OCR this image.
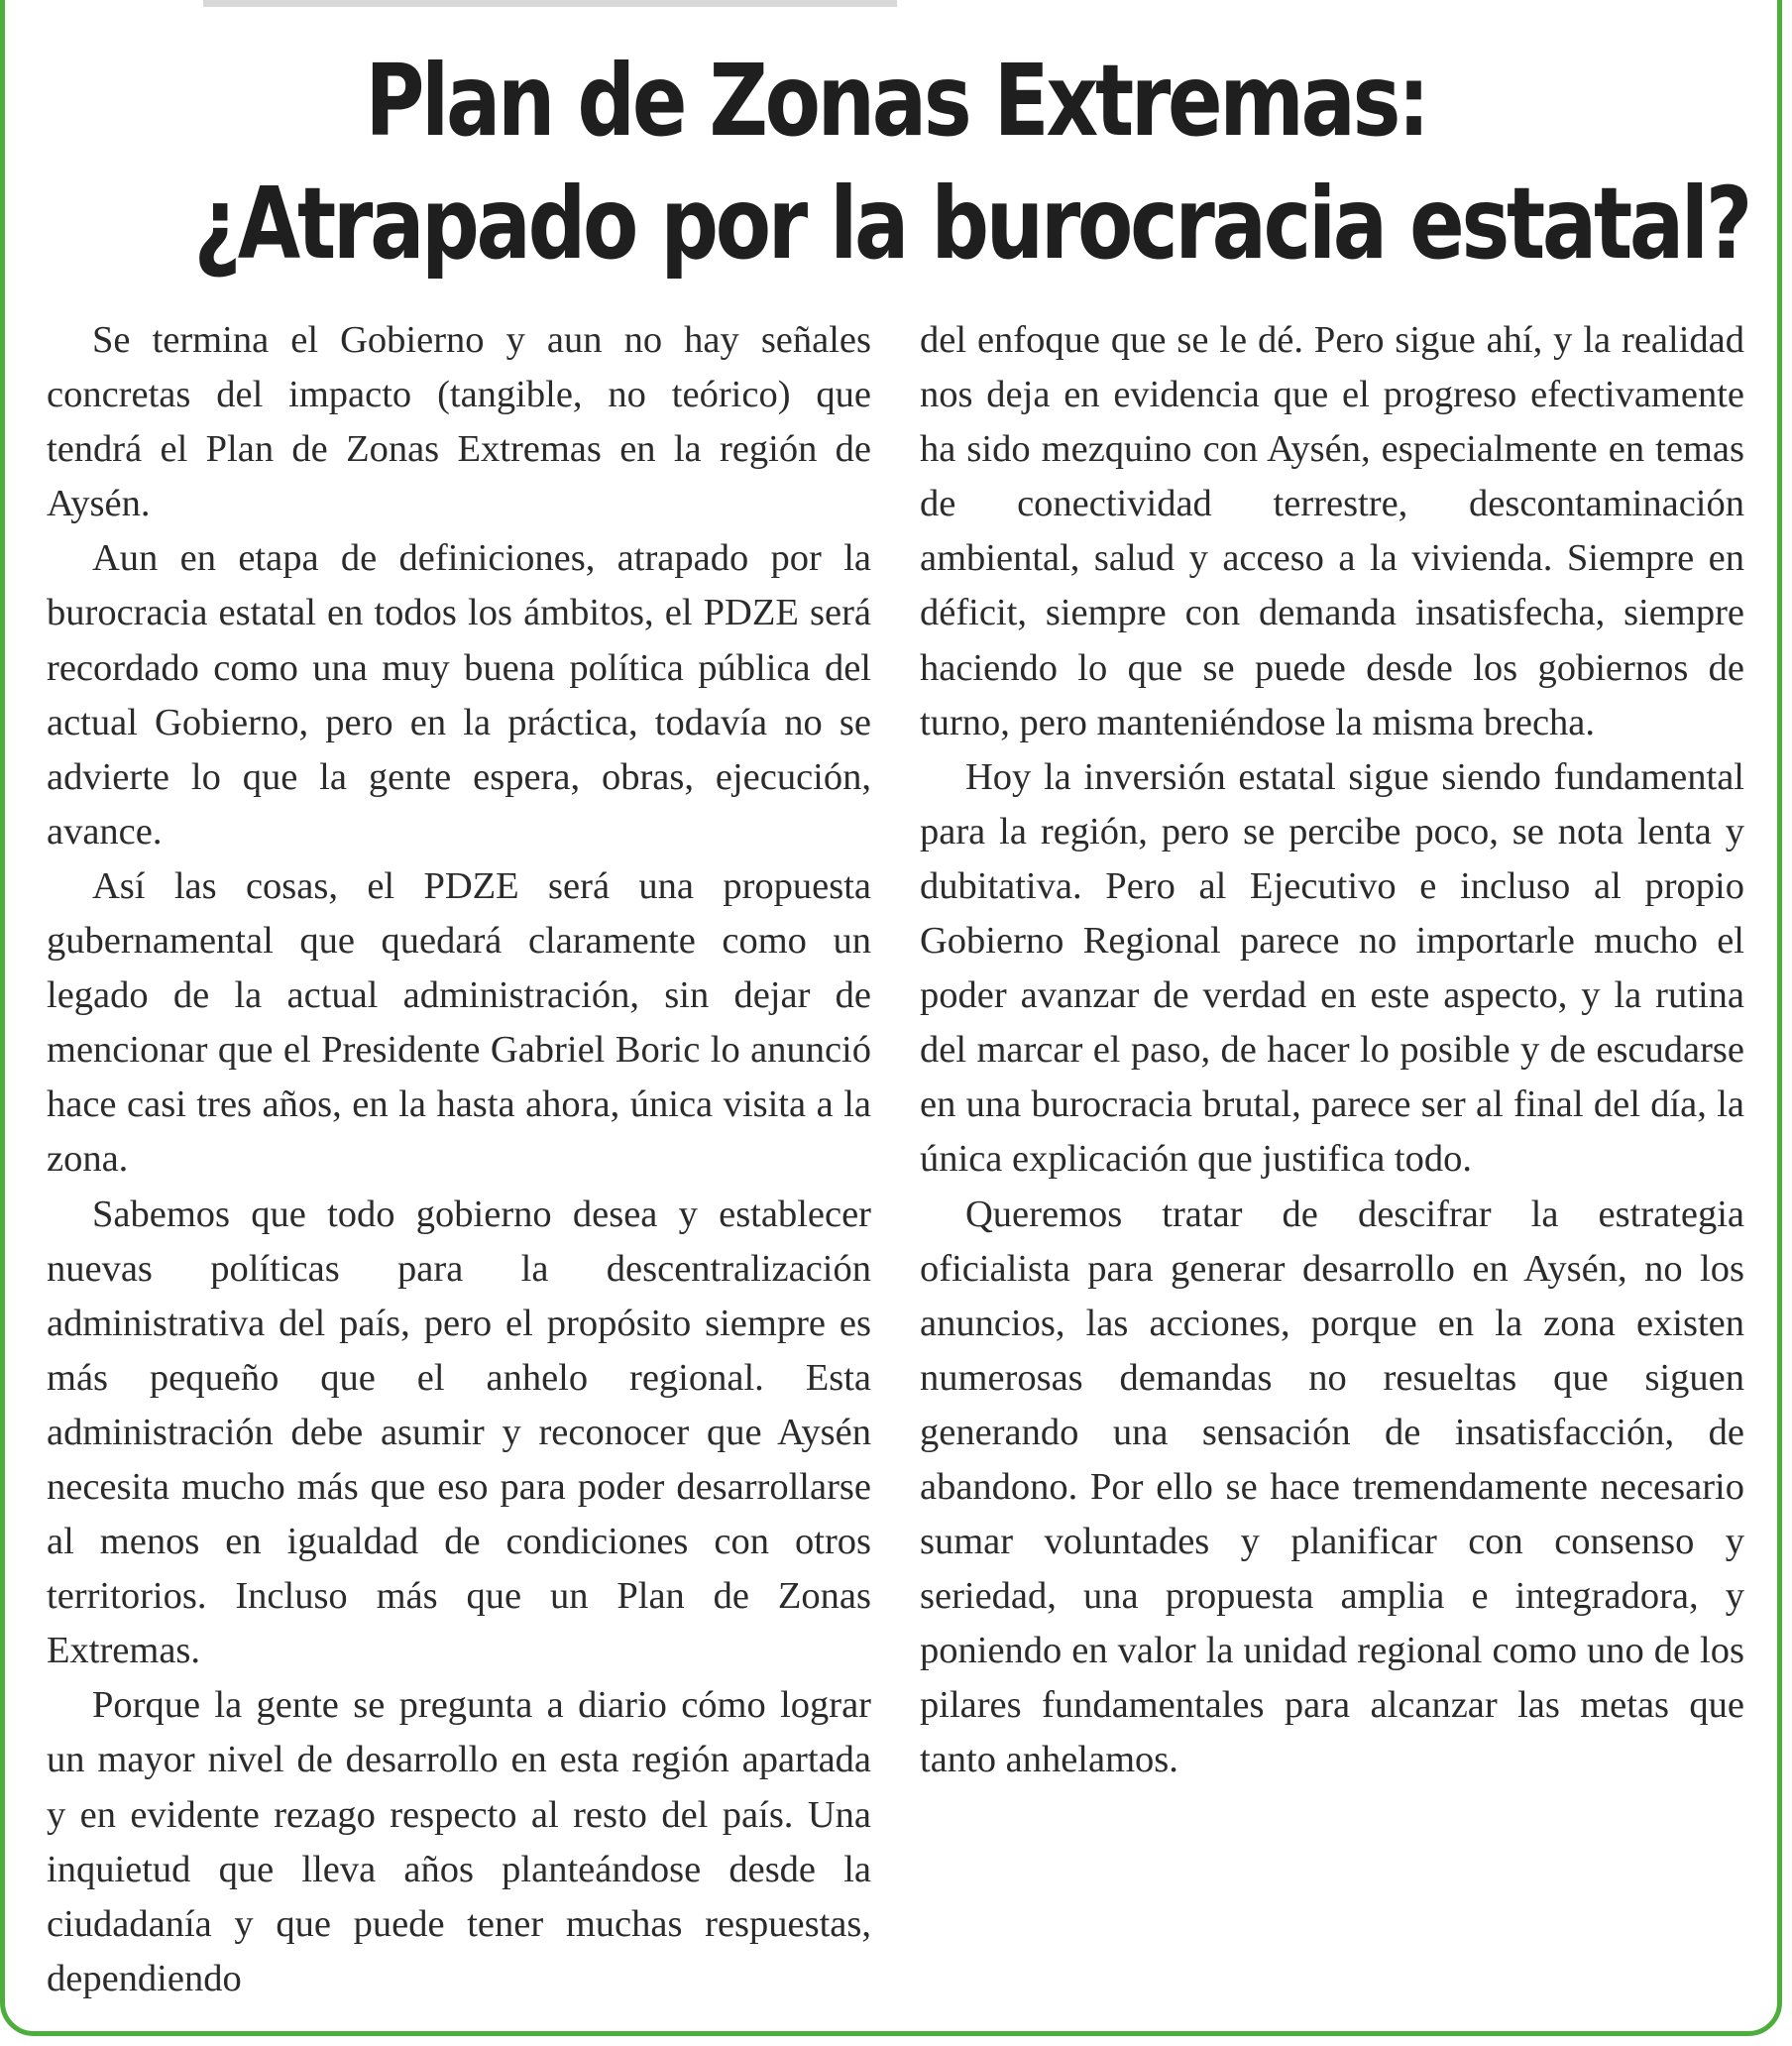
Plan de Zonas Extremas:
¿Atrapado por la burocracia estatal?

Se termina el Gobierno y aun no hay señales concretas del impacto (tangible, no teórico) que tendrá el Plan de Zonas Extremas en la región de Aysén.

Aun en etapa de definiciones, atrapado por la burocracia estatal en todos los ámbitos, el PDZE será recordado como una muy buena política pública del actual Gobierno, pero en la práctica, todavía no se advierte lo que la gente espera, obras, ejecución, avance.

Así las cosas, el PDZE será una propuesta gubernamental que quedará claramente como un legado de la actual administración, sin dejar de mencionar que el Presidente Gabriel Boric lo anunció hace casi tres años, en la hasta ahora, única visita a la zona.

Sabemos que todo gobierno desea y establecer nuevas políticas para la descentralización administrativa del país, pero el propósito siempre es más pequeño que el anhelo regional. Esta administración debe asumir y reconocer que Aysén necesita mucho más que eso para poder desarrollarse al menos en igualdad de condiciones con otros territorios. Incluso más que un Plan de Zonas Extremas.

Porque la gente se pregunta a diario cómo lograr un mayor nivel de desarrollo en esta región apartada y en evidente rezago respecto al resto del país. Una inquietud que lleva años planteándose desde la ciudadanía y que puede tener muchas respuestas, dependiendo

del enfoque que se le dé. Pero sigue ahí, y la realidad nos deja en evidencia que el progreso efectivamente ha sido mezquino con Aysén, especialmente en temas de conectividad terrestre, descontaminación ambiental, salud y acceso a la vivienda. Siempre en déficit, siempre con demanda insatisfecha, siempre haciendo lo que se puede desde los gobiernos de turno, pero manteniéndose la misma brecha.

Hoy la inversión estatal sigue siendo fundamental para la región, pero se percibe poco, se nota lenta y dubitativa. Pero al Ejecutivo e incluso al propio Gobierno Regional parece no importarle mucho el poder avanzar de verdad en este aspecto, y la rutina del marcar el paso, de hacer lo posible y de escudarse en una burocracia brutal, parece ser al final del día, la única explicación que justifica todo.

Queremos tratar de descifrar la estrategia oficialista para generar desarrollo en Aysén, no los anuncios, las acciones, porque en la zona existen numerosas demandas no resueltas que siguen generando una sensación de insatisfacción, de abandono. Por ello se hace tremendamente necesario sumar voluntades y planificar con consenso y seriedad, una propuesta amplia e integradora, y poniendo en valor la unidad regional como uno de los pilares fundamentales para alcanzar las metas que tanto anhelamos.
